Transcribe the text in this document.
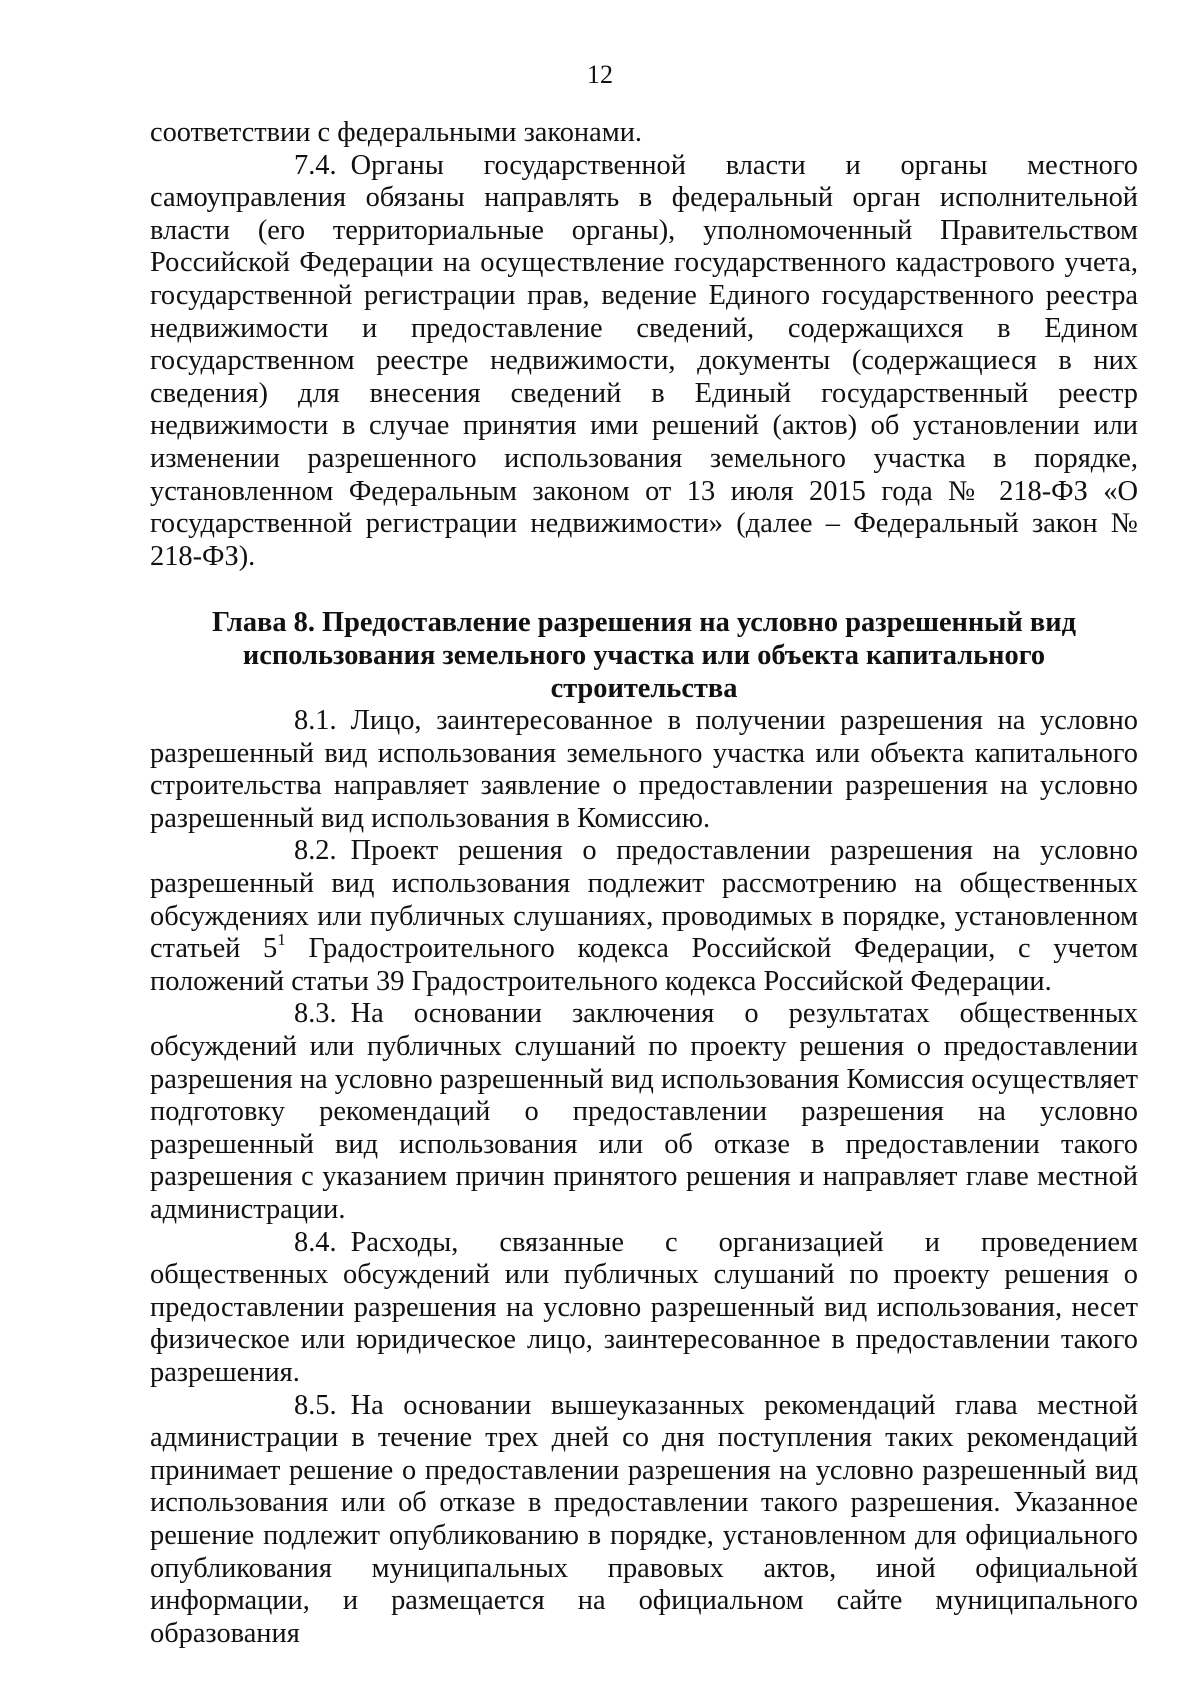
12

соответствии с федеральными законами.

7.4. Органы государственной власти и органы местного самоуправления обязаны направлять в федеральный орган исполнительной власти (его территориальные органы), уполномоченный Правительством Российской Федерации на осуществление государственного кадастрового учета, государственной регистрации прав, ведение Единого государственного реестра недвижимости и предоставление сведений, содержащихся в Едином государственном реестре недвижимости, документы (содержащиеся в них сведения) для внесения сведений в Единый государственный реестр недвижимости в случае принятия ими решений (актов) об установлении или изменении разрешенного использования земельного участка в порядке, установленном Федеральным законом от 13 июля 2015 года № 218-ФЗ «О государственной регистрации недвижимости» (далее – Федеральный закон № 218-ФЗ).

Глава 8. Предоставление разрешения на условно разрешенный вид
использования земельного участка или объекта капитального
строительства

8.1. Лицо, заинтересованное в получении разрешения на условно разрешенный вид использования земельного участка или объекта капитального строительства направляет заявление о предоставлении разрешения на условно разрешенный вид использования в Комиссию.

8.2. Проект решения о предоставлении разрешения на условно разрешенный вид использования подлежит рассмотрению на общественных обсуждениях или публичных слушаниях, проводимых в порядке, установленном статьей $5^1$ Градостроительного кодекса Российской Федерации, с учетом положений статьи 39 Градостроительного кодекса Российской Федерации.

8.3. На основании заключения о результатах общественных обсуждений или публичных слушаний по проекту решения о предоставлении разрешения на условно разрешенный вид использования Комиссия осуществляет подготовку рекомендаций о предоставлении разрешения на условно разрешенный вид использования или об отказе в предоставлении такого разрешения с указанием причин принятого решения и направляет главе местной администрации.

8.4. Расходы, связанные с организацией и проведением общественных обсуждений или публичных слушаний по проекту решения о предоставлении разрешения на условно разрешенный вид использования, несет физическое или юридическое лицо, заинтересованное в предоставлении такого разрешения.

8.5. На основании вышеуказанных рекомендаций глава местной администрации в течение трех дней со дня поступления таких рекомендаций принимает решение о предоставлении разрешения на условно разрешенный вид использования или об отказе в предоставлении такого разрешения. Указанное решение подлежит опубликованию в порядке, установленном для официального опубликования муниципальных правовых актов, иной официальной информации, и размещается на официальном сайте муниципального образования
